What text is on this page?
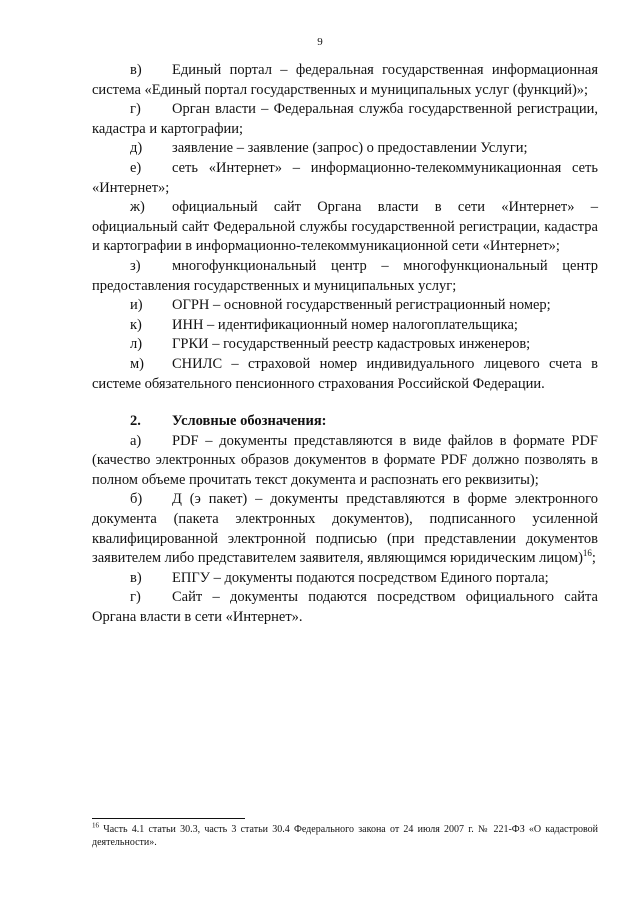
9

в) Единый портал – федеральная государственная информационная система «Единый портал государственных и муниципальных услуг (функций)»;

г) Орган власти – Федеральная служба государственной регистрации, кадастра и картографии;

д) заявление – заявление (запрос) о предоставлении Услуги;

е) сеть «Интернет» – информационно-телекоммуникационная сеть «Интернет»;

ж) официальный сайт Органа власти в сети «Интернет» – официальный сайт Федеральной службы государственной регистрации, кадастра и картографии в информационно-телекоммуникационной сети «Интернет»;

з) многофункциональный центр – многофункциональный центр предоставления государственных и муниципальных услуг;

и) ОГРН – основной государственный регистрационный номер;

к) ИНН – идентификационный номер налогоплательщика;

л) ГРКИ – государственный реестр кадастровых инженеров;

м) СНИЛС – страховой номер индивидуального лицевого счета в системе обязательного пенсионного страхования Российской Федерации.

2. Условные обозначения:

а) PDF – документы представляются в виде файлов в формате PDF (качество электронных образов документов в формате PDF должно позволять в полном объеме прочитать текст документа и распознать его реквизиты);

б) Д (э пакет) – документы представляются в форме электронного документа (пакета электронных документов), подписанного усиленной квалифицированной электронной подписью (при представлении документов заявителем либо представителем заявителя, являющимся юридическим лицом)$^{16}$;

в) ЕПГУ – документы подаются посредством Единого портала;

г) Сайт – документы подаются посредством официального сайта Органа власти в сети «Интернет».

$^{16}$ Часть 4.1 статьи 30.3, часть 3 статьи 30.4 Федерального закона от 24 июля 2007 г. № 221-ФЗ «О кадастровой деятельности».
